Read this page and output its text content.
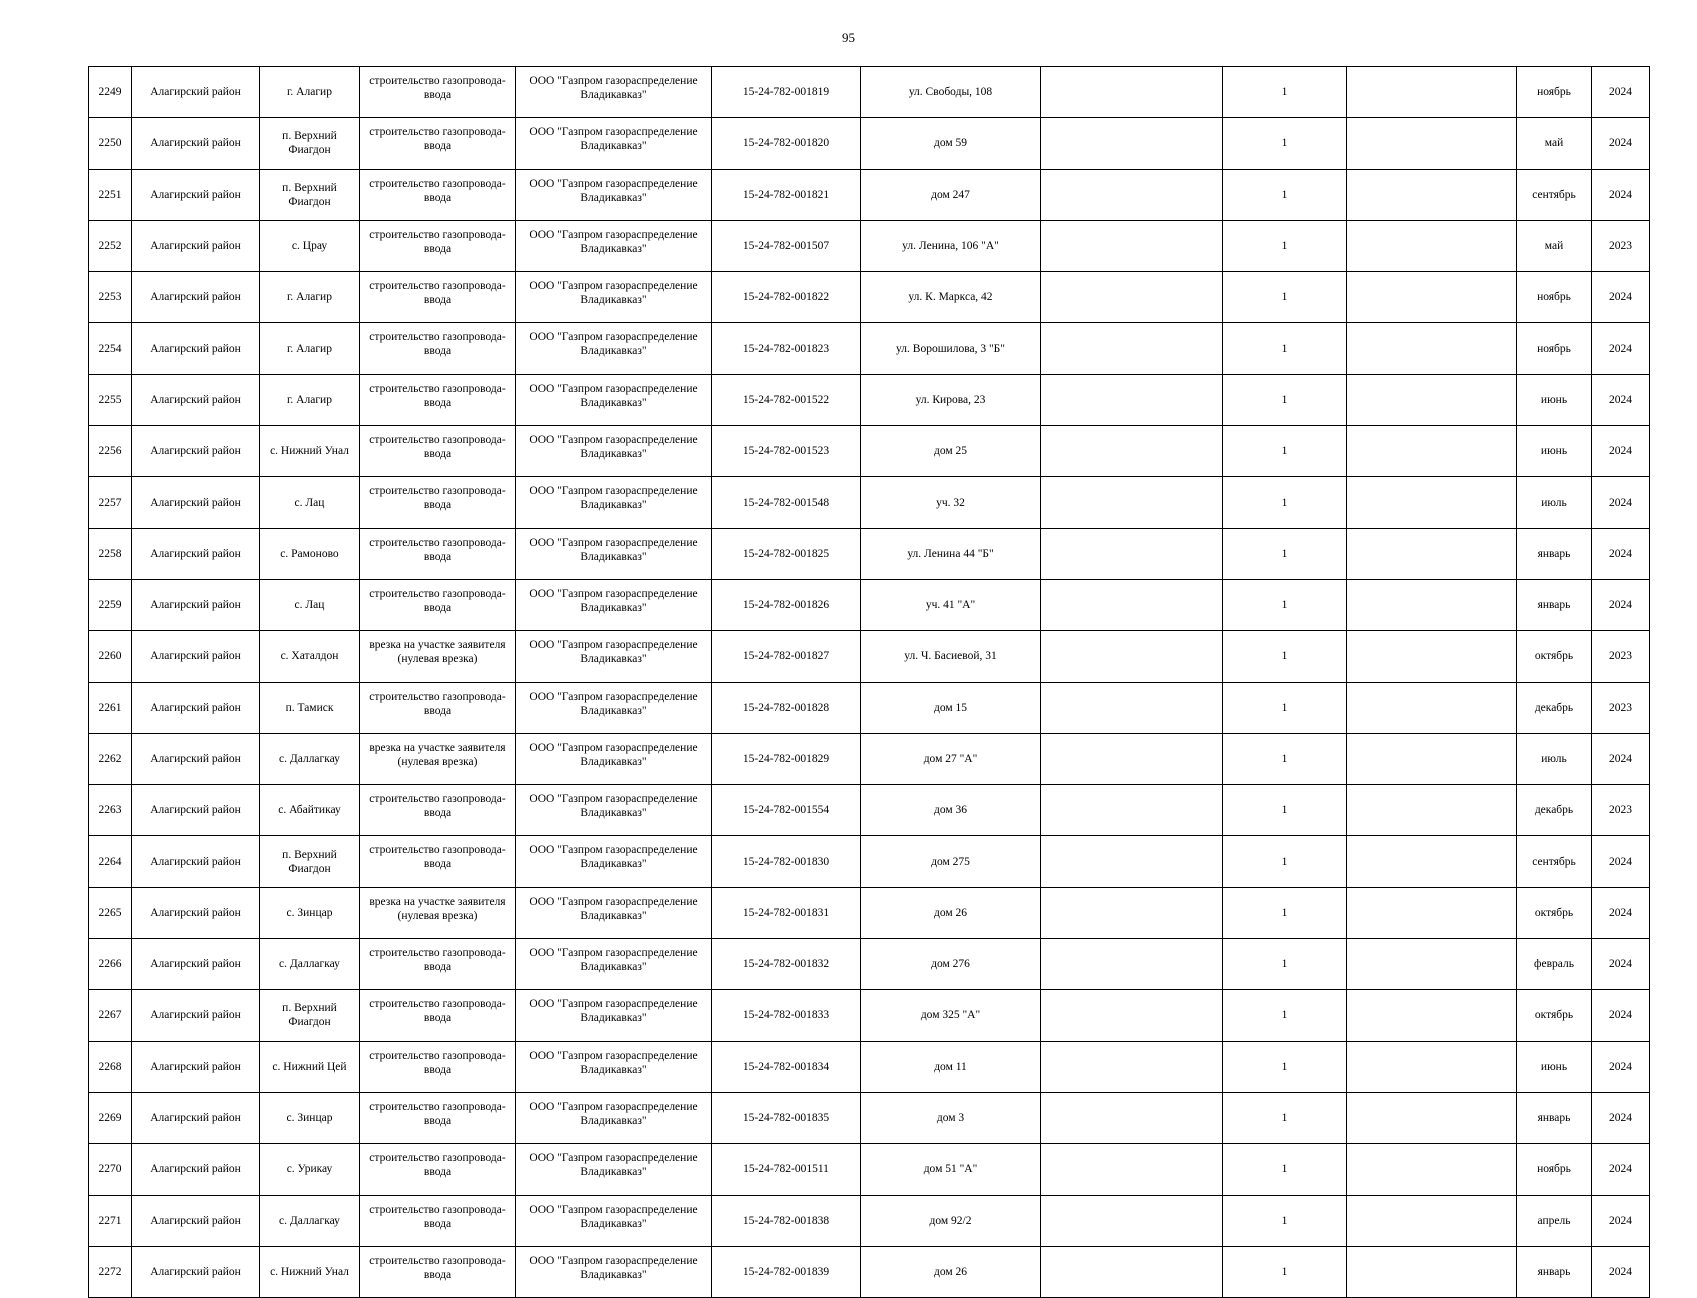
95
2249	Алагирский район	г. Алагир	строительство газопровода-ввода	ООО "Газпром газораспределение Владикавказ"	15-24-782-001819	ул. Свободы, 108		1		ноябрь	2024
2250	Алагирский район	п. Верхний Фиагдон	строительство газопровода-ввода	ООО "Газпром газораспределение Владикавказ"	15-24-782-001820	дом 59		1		май	2024
2251	Алагирский район	п. Верхний Фиагдон	строительство газопровода-ввода	ООО "Газпром газораспределение Владикавказ"	15-24-782-001821	дом 247		1		сентябрь	2024
2252	Алагирский район	с. Црау	строительство газопровода-ввода	ООО "Газпром газораспределение Владикавказ"	15-24-782-001507	ул. Ленина, 106 "А"		1		май	2023
2253	Алагирский район	г. Алагир	строительство газопровода-ввода	ООО "Газпром газораспределение Владикавказ"	15-24-782-001822	ул. К. Маркса, 42		1		ноябрь	2024
2254	Алагирский район	г. Алагир	строительство газопровода-ввода	ООО "Газпром газораспределение Владикавказ"	15-24-782-001823	ул. Ворошилова, 3 "Б"		1		ноябрь	2024
2255	Алагирский район	г. Алагир	строительство газопровода-ввода	ООО "Газпром газораспределение Владикавказ"	15-24-782-001522	ул. Кирова, 23		1		июнь	2024
2256	Алагирский район	с. Нижний Унал	строительство газопровода-ввода	ООО "Газпром газораспределение Владикавказ"	15-24-782-001523	дом 25		1		июнь	2024
2257	Алагирский район	с. Лац	строительство газопровода-ввода	ООО "Газпром газораспределение Владикавказ"	15-24-782-001548	уч. 32		1		июль	2024
2258	Алагирский район	с. Рамоново	строительство газопровода-ввода	ООО "Газпром газораспределение Владикавказ"	15-24-782-001825	ул. Ленина 44 "Б"		1		январь	2024
2259	Алагирский район	с. Лац	строительство газопровода-ввода	ООО "Газпром газораспределение Владикавказ"	15-24-782-001826	уч. 41 "А"		1		январь	2024
2260	Алагирский район	с. Хаталдон	врезка на участке заявителя (нулевая врезка)	ООО "Газпром газораспределение Владикавказ"	15-24-782-001827	ул. Ч. Басиевой, 31		1		октябрь	2023
2261	Алагирский район	п. Тамиск	строительство газопровода-ввода	ООО "Газпром газораспределение Владикавказ"	15-24-782-001828	дом 15		1		декабрь	2023
2262	Алагирский район	с. Даллагкау	врезка на участке заявителя (нулевая врезка)	ООО "Газпром газораспределение Владикавказ"	15-24-782-001829	дом 27 "А"		1		июль	2024
2263	Алагирский район	с. Абайтикау	строительство газопровода-ввода	ООО "Газпром газораспределение Владикавказ"	15-24-782-001554	дом 36		1		декабрь	2023
2264	Алагирский район	п. Верхний Фиагдон	строительство газопровода-ввода	ООО "Газпром газораспределение Владикавказ"	15-24-782-001830	дом 275		1		сентябрь	2024
2265	Алагирский район	с. Зинцар	врезка на участке заявителя (нулевая врезка)	ООО "Газпром газораспределение Владикавказ"	15-24-782-001831	дом 26		1		октябрь	2024
2266	Алагирский район	с. Даллагкау	строительство газопровода-ввода	ООО "Газпром газораспределение Владикавказ"	15-24-782-001832	дом 276		1		февраль	2024
2267	Алагирский район	п. Верхний Фиагдон	строительство газопровода-ввода	ООО "Газпром газораспределение Владикавказ"	15-24-782-001833	дом 325 "А"		1		октябрь	2024
2268	Алагирский район	с. Нижний Цей	строительство газопровода-ввода	ООО "Газпром газораспределение Владикавказ"	15-24-782-001834	дом 11		1		июнь	2024
2269	Алагирский район	с. Зинцар	строительство газопровода-ввода	ООО "Газпром газораспределение Владикавказ"	15-24-782-001835	дом 3		1		январь	2024
2270	Алагирский район	с. Урикау	строительство газопровода-ввода	ООО "Газпром газораспределение Владикавказ"	15-24-782-001511	дом 51 "А"		1		ноябрь	2024
2271	Алагирский район	с. Даллагкау	строительство газопровода-ввода	ООО "Газпром газораспределение Владикавказ"	15-24-782-001838	дом 92/2		1		апрель	2024
2272	Алагирский район	с. Нижний Унал	строительство газопровода-ввода	ООО "Газпром газораспределение Владикавказ"	15-24-782-001839	дом 26		1		январь	2024
